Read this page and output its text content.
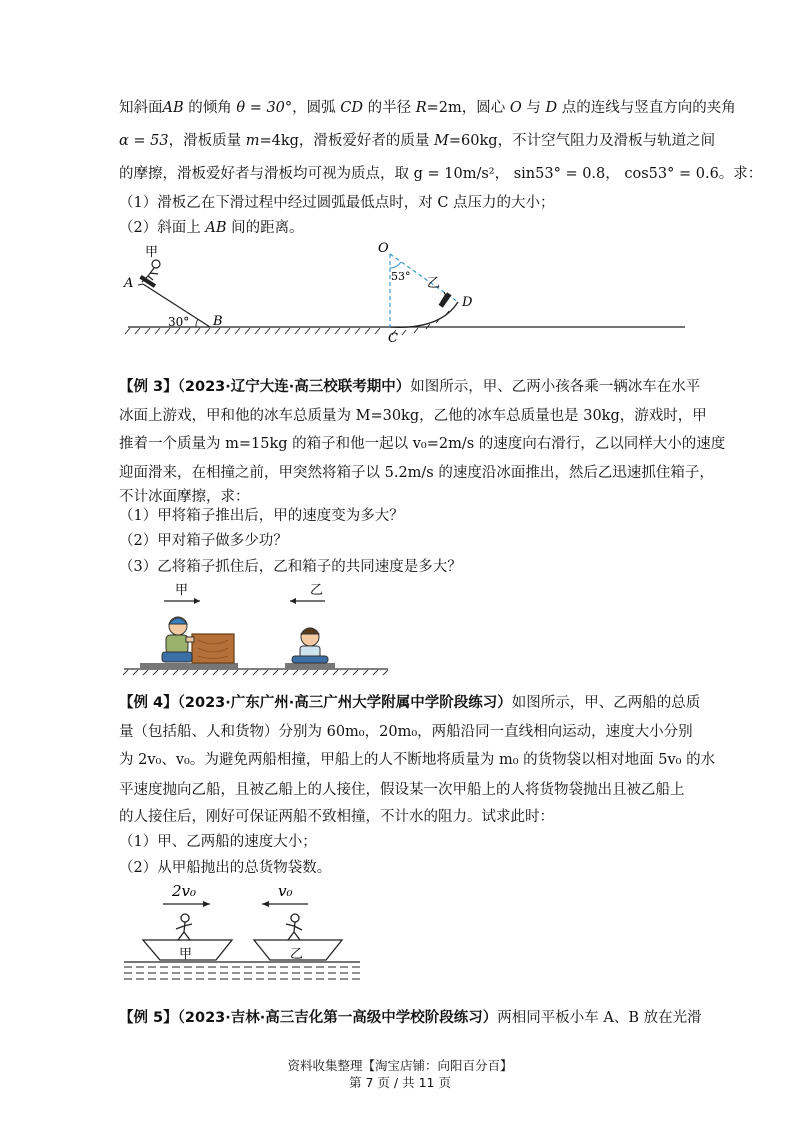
知斜面AB 的倾角 θ = 30°，圆弧 CD 的半径 R=2m，圆心 O 与 D 点的连线与竖直方向的夹角
α = 53，滑板质量 m=4kg，滑板爱好者的质量 M=60kg，不计空气阻力及滑板与轨道之间
的摩擦，滑板爱好者与滑板均可视为质点，取 g = 10m/s²， sin53° = 0.8， cos53° = 0.6。求：
（1）滑板乙在下滑过程中经过圆弧最低点时，对 C 点压力的大小；
（2）斜面上 AB 间的距离。
甲
A
30° B
O
53° 乙
D
C
【例 3】（2023·辽宁大连·高三校联考期中）如图所示，甲、乙两小孩各乘一辆冰车在水平
冰面上游戏，甲和他的冰车总质量为 M=30kg，乙他的冰车总质量也是 30kg，游戏时，甲
推着一个质量为 m=15kg 的箱子和他一起以 v₀=2m/s 的速度向右滑行，乙以同样大小的速度
迎面滑来，在相撞之前，甲突然将箱子以 5.2m/s 的速度沿冰面推出，然后乙迅速抓住箱子，
不计冰面摩擦，求：
（1）甲将箱子推出后，甲的速度变为多大？
（2）甲对箱子做多少功？
（3）乙将箱子抓住后，乙和箱子的共同速度是多大？
甲	乙
【例 4】（2023·广东广州·高三广州大学附属中学阶段练习）如图所示，甲、乙两船的总质
量（包括船、人和货物）分别为 60m₀，20m₀，两船沿同一直线相向运动，速度大小分别
为 2v₀、v₀。为避免两船相撞，甲船上的人不断地将质量为 m₀ 的货物袋以相对地面 5v₀ 的水
平速度抛向乙船，且被乙船上的人接住，假设某一次甲船上的人将货物袋抛出且被乙船上
的人接住后，刚好可保证两船不致相撞，不计水的阻力。试求此时：
（1）甲、乙两船的速度大小；
（2）从甲船抛出的总货物袋数。
2v₀	v₀
甲	乙
【例 5】（2023·吉林·高三吉化第一高级中学校阶段练习）两相同平板小车 A、B 放在光滑
资料收集整理【淘宝店铺：向阳百分百】
第 7 页 / 共 11 页
